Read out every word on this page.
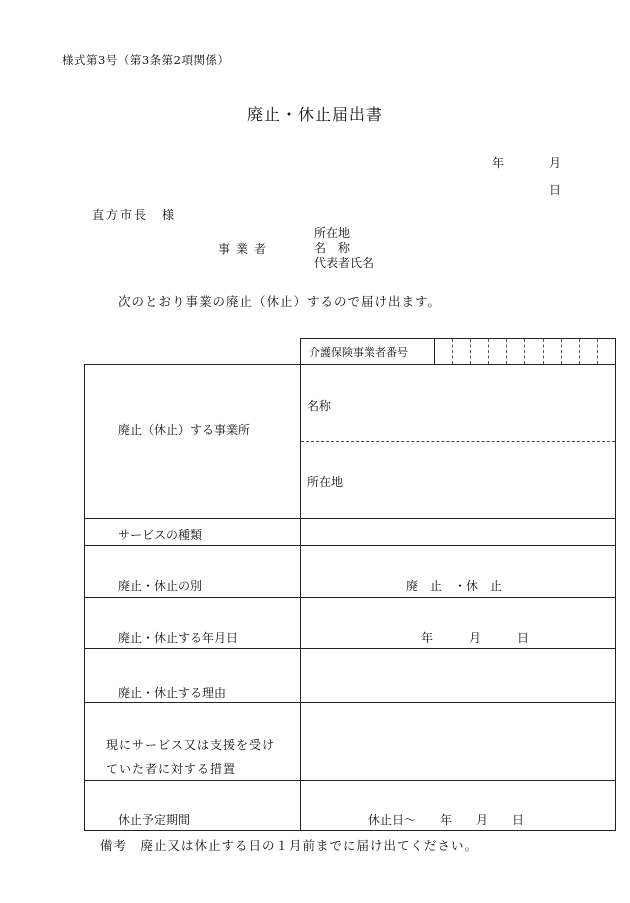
様式第3号（第3条第2項関係）
廃止・休止届出書
年	月
日
直方市長　様
事業者
所在地
名　称
代表者氏名
次のとおり事業の廃止（休止）するので届け出ます。
介護保険事業者番号
廃止（休止）する事業所
名称
所在地
サービスの種類
廃止・休止の別	廃　止　・休　止
廃止・休止する年月日	年　　　月　　　日
廃止・休止する理由
現にサービス又は支援を受け
ていた者に対する措置
休止予定期間	休止日～　　年　　月　　日
備考　廃止又は休止する日の１月前までに届け出てください。
